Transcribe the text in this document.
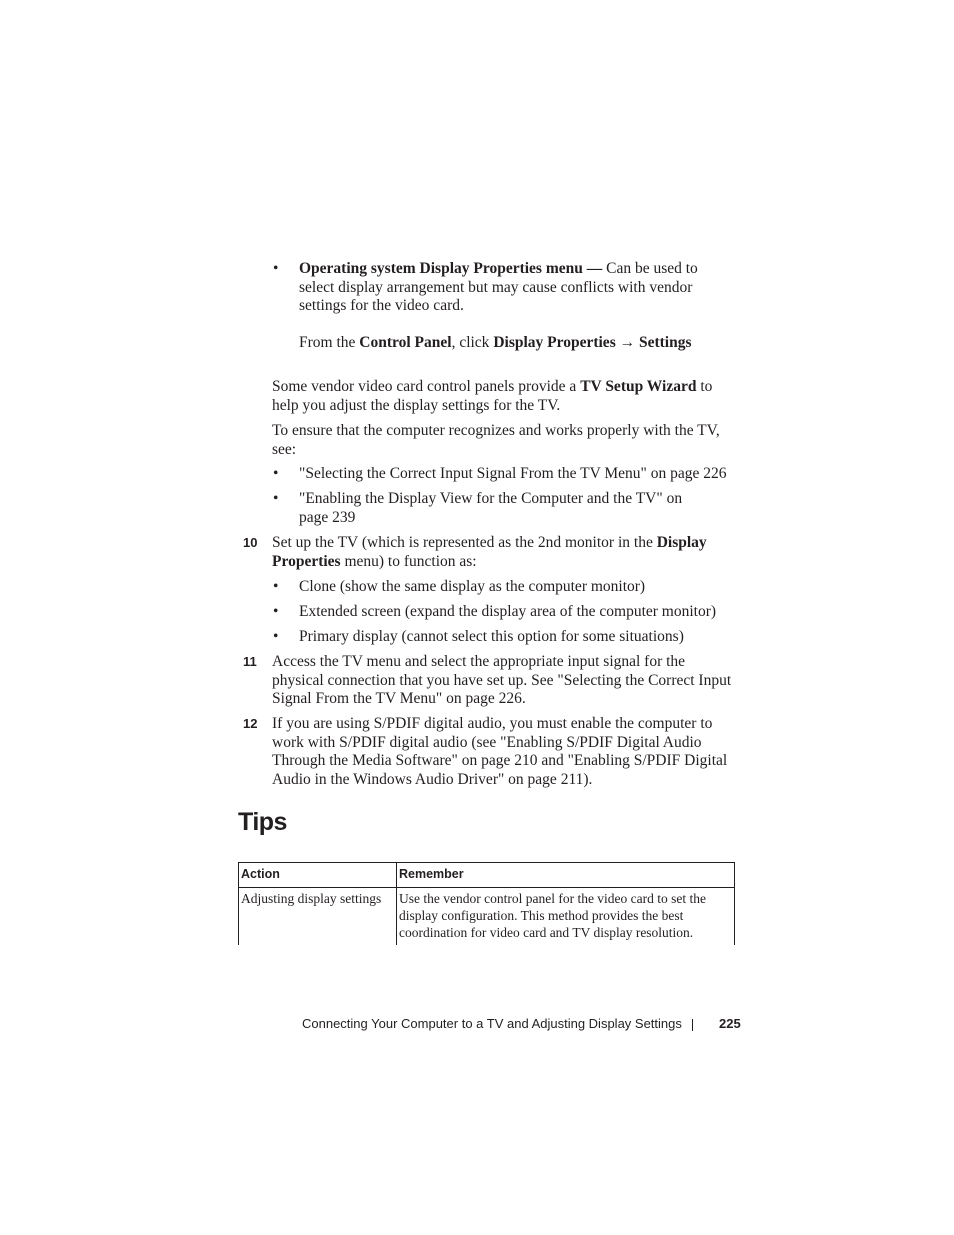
• Operating system Display Properties menu — Can be used to select display arrangement but may cause conflicts with vendor settings for the video card.
From the Control Panel, click Display Properties → Settings
Some vendor video card control panels provide a TV Setup Wizard to help you adjust the display settings for the TV.
To ensure that the computer recognizes and works properly with the TV, see:
• "Selecting the Correct Input Signal From the TV Menu" on page 226
• "Enabling the Display View for the Computer and the TV" on page 239
10 Set up the TV (which is represented as the 2nd monitor in the Display Properties menu) to function as:
• Clone (show the same display as the computer monitor)
• Extended screen (expand the display area of the computer monitor)
• Primary display (cannot select this option for some situations)
11 Access the TV menu and select the appropriate input signal for the physical connection that you have set up. See "Selecting the Correct Input Signal From the TV Menu" on page 226.
12 If you are using S/PDIF digital audio, you must enable the computer to work with S/PDIF digital audio (see "Enabling S/PDIF Digital Audio Through the Media Software" on page 210 and "Enabling S/PDIF Digital Audio in the Windows Audio Driver" on page 211).
Tips
Action	Remember
Adjusting display settings	Use the vendor control panel for the video card to set the display configuration. This method provides the best coordination for video card and TV display resolution.
Connecting Your Computer to a TV and Adjusting Display Settings	225
